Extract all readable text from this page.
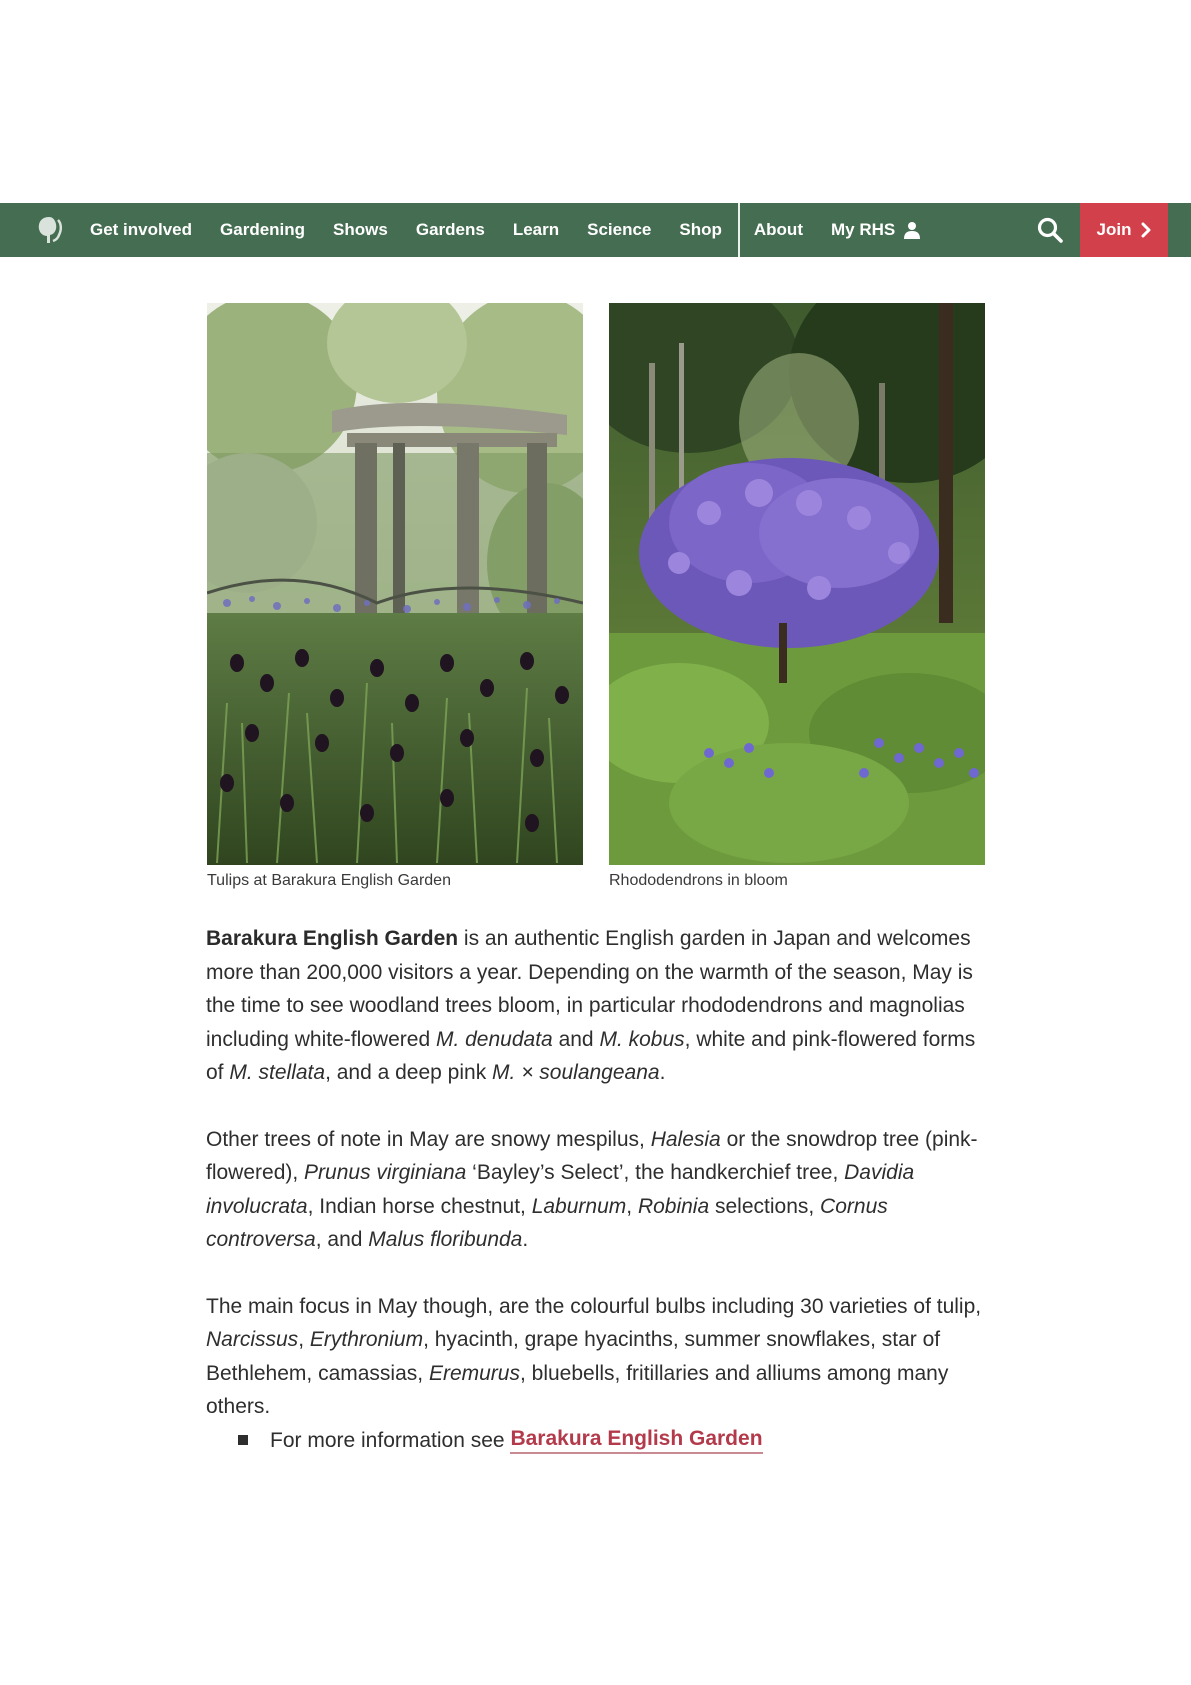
Get involved Gardening Shows Gardens Learn Science Shop About My RHS	Join
Tulips at Barakura English Garden	Rhododendrons in bloom

Barakura English Garden is an authentic English garden in Japan and welcomes more than 200,000 visitors a year. Depending on the warmth of the season, May is the time to see woodland trees bloom, in particular rhododendrons and magnolias including white-flowered M. denudata and M. kobus, white and pink-flowered forms of M. stellata, and a deep pink M. × soulangeana.

Other trees of note in May are snowy mespilus, Halesia or the snowdrop tree (pink-flowered), Prunus virginiana ‘Bayley’s Select’, the handkerchief tree, Davidia involucrata, Indian horse chestnut, Laburnum, Robinia selections, Cornus controversa, and Malus floribunda.

The main focus in May though, are the colourful bulbs including 30 varieties of tulip, Narcissus, Erythronium, hyacinth, grape hyacinths, summer snowflakes, star of Bethlehem, camassias, Eremurus, bluebells, fritillaries and alliums among many others.

For more information see
Barakura English Garden
